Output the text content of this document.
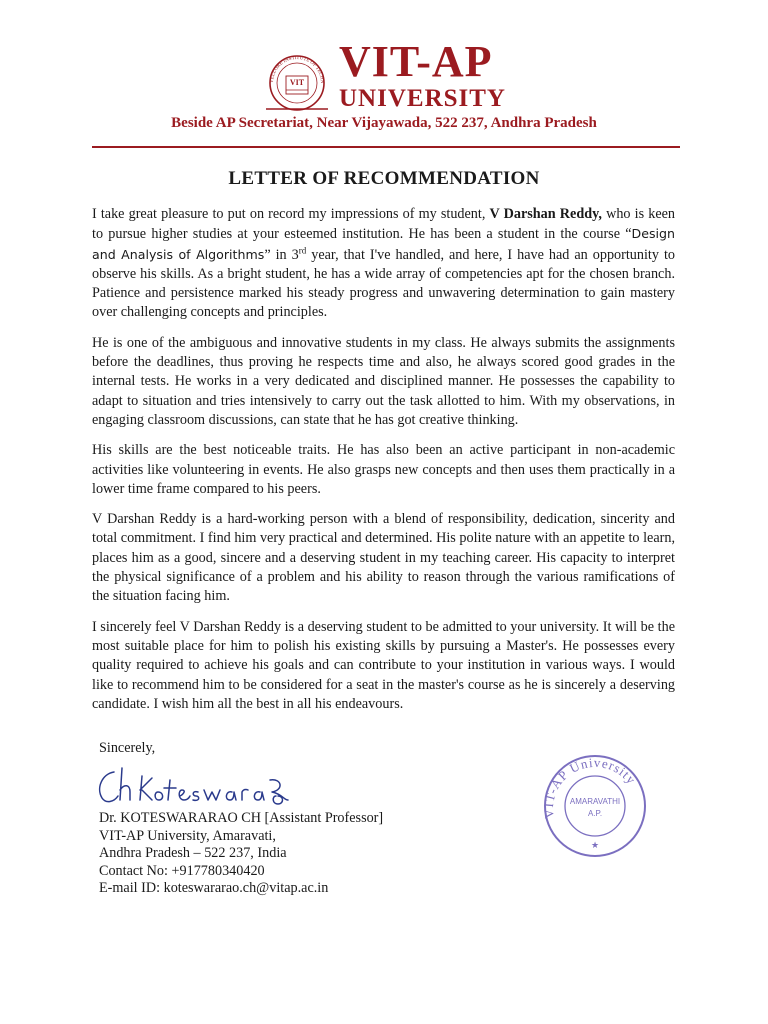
VELLORE INSTITUTE OF TECHN
VIT VIT-AP
UNIVERSITY
Beside AP Secretariat, Near Vijayawada, 522 237, Andhra Pradesh
LETTER OF RECOMMENDATION

I take great pleasure to put on record my impressions of my student, V Darshan Reddy, who is keen to pursue higher studies at your esteemed institution. He has been a student in the course “Design and Analysis of Algorithms” in 3rd year, that I've handled, and here, I have had an opportunity to observe his skills. As a bright student, he has a wide array of competencies apt for the chosen branch. Patience and persistence marked his steady progress and unwavering determination to gain mastery over challenging concepts and principles.

He is one of the ambiguous and innovative students in my class. He always submits the assignments before the deadlines, thus proving he respects time and also, he always scored good grades in the internal tests. He works in a very dedicated and disciplined manner. He possesses the capability to adapt to situation and tries intensively to carry out the task allotted to him. With my observations, in engaging classroom discussions, can state that he has got creative thinking.

His skills are the best noticeable traits. He has also been an active participant in non-academic activities like volunteering in events. He also grasps new concepts and then uses them practically in a lower time frame compared to his peers.

V Darshan Reddy is a hard-working person with a blend of responsibility, dedication, sincerity and total commitment. I find him very practical and determined. His polite nature with an appetite to learn, places him as a good, sincere and a deserving student in my teaching career. His capacity to interpret the physical significance of a problem and his ability to reason through the various ramifications of the situation facing him.

I sincerely feel V Darshan Reddy is a deserving student to be admitted to your university. It will be the most suitable place for him to polish his existing skills by pursuing a Master's. He possesses every quality required to achieve his goals and can contribute to your institution in various ways. I would like to recommend him to be considered for a seat in the master's course as he is sincerely a deserving candidate. I wish him all the best in all his endeavours.

Sincerely,
Ch KoteswaraRao
Dr. KOTESWARARAO CH [Assistant Professor]
VIT-AP University, Amaravati,
Andhra Pradesh – 522 237, India
Contact No: +917780340420
E-mail ID: koteswararao.ch@vitap.ac.in
VIT-AP University
AMARAVATHI
A.P.
★
